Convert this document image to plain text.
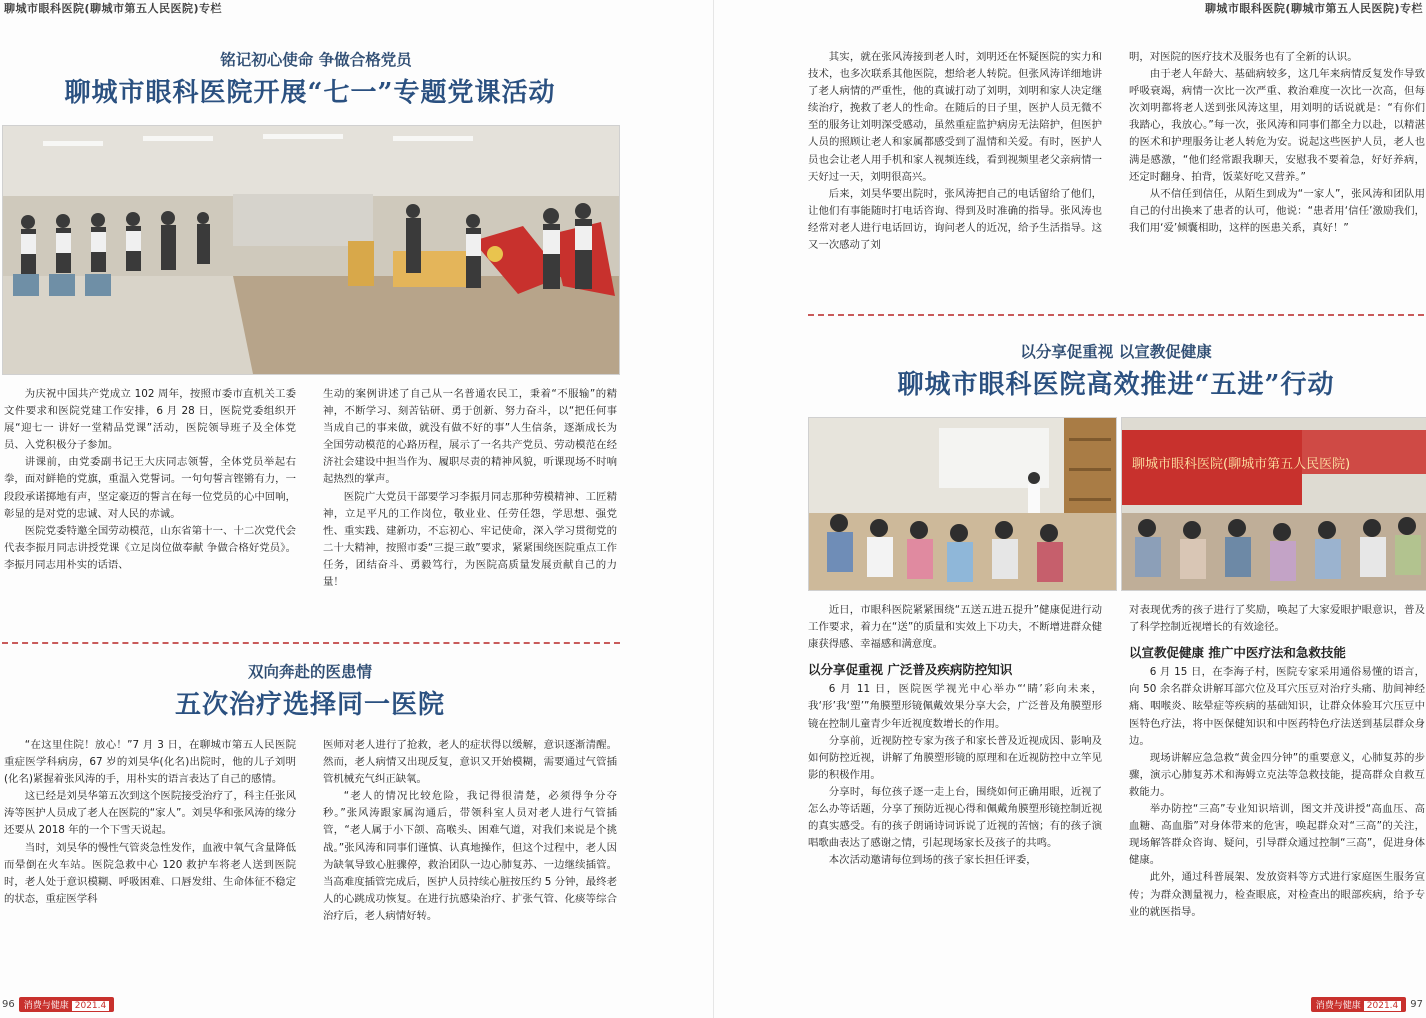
聊城市眼科医院(聊城市第五人民医院)专栏
铭记初心使命 争做合格党员
聊城市眼科医院开展“七一”专题党课活动

为庆祝中国共产党成立 102 周年，按照市委市直机关工委文件要求和医院党建工作安排，6 月 28 日，医院党委组织开展“迎七一 讲好一堂精品党课”活动，医院领导班子及全体党员、入党积极分子参加。

讲课前，由党委副书记王大庆同志领誓，全体党员举起右拳，面对鲜艳的党旗，重温入党誓词。一句句誓言铿锵有力，一段段承诺掷地有声，坚定豪迈的誓言在每一位党员的心中回响，彰显的是对党的忠诚、对人民的赤诚。

医院党委特邀全国劳动模范，山东省第十一、十二次党代会代表李振月同志讲授党课《立足岗位做奉献 争做合格好党员》。李振月同志用朴实的话语、

生动的案例讲述了自己从一名普通农民工，秉着“不服输”的精神，不断学习、刻苦钻研、勇于创新、努力奋斗，以“把任何事当成自己的事来做，就没有做不好的事”人生信条，逐渐成长为全国劳动模范的心路历程，展示了一名共产党员、劳动模范在经济社会建设中担当作为、履职尽责的精神风貌，听课现场不时响起热烈的掌声。

医院广大党员干部要学习李振月同志那种劳模精神、工匠精神，立足平凡的工作岗位，敬业业、任劳任怨，学思想、强党性、重实践、建新功，不忘初心、牢记使命，深入学习贯彻党的二十大精神，按照市委“三提三敢”要求，紧紧围绕医院重点工作任务，团结奋斗、勇毅笃行，为医院高质量发展贡献自己的力量！

双向奔赴的医患情
五次治疗选择同一医院

“在这里住院！放心！”7 月 3 日，在聊城市第五人民医院重症医学科病房，67 岁的刘昊华(化名)出院时，他的儿子刘明(化名)紧握着张风涛的手，用朴实的语言表达了自己的感情。

这已经是刘昊华第五次到这个医院接受治疗了，科主任张风涛等医护人员成了老人在医院的“家人”。刘昊华和张风涛的缘分还要从 2018 年的一个下雪天说起。

当时，刘昊华的慢性气管炎急性发作，血液中氧气含量降低而晕倒在火车站。医院急救中心 120 救护车将老人送到医院时，老人处于意识模糊、呼吸困难、口唇发绀、生命体征不稳定的状态，重症医学科

医师对老人进行了抢救，老人的症状得以缓解，意识逐渐清醒。然而，老人病情又出现反复，意识又开始模糊，需要通过气管插管机械充气纠正缺氧。

“老人的情况比较危险，我记得很清楚，必须得争分夺秒。”张风涛跟家属沟通后，带领科室人员对老人进行气管插管，“老人属于小下颌、高喉头、困难气道，对我们来说是个挑战。”张风涛和同事们谨慎、认真地操作，但这个过程中，老人因为缺氧导致心脏骤停，救治团队一边心肺复苏、一边继续插管。当高难度插管完成后，医护人员持续心脏按压约 5 分钟，最终老人的心跳成功恢复。在进行抗感染治疗、扩张气管、化痰等综合治疗后，老人病情好转。

96	消费与健康 2021.4
聊城市眼科医院(聊城市第五人民医院)专栏

其实，就在张风涛接到老人时，刘明还在怀疑医院的实力和技术，也多次联系其他医院，想给老人转院。但张风涛详细地讲了老人病情的严重性，他的真诚打动了刘明，刘明和家人决定继续治疗，挽救了老人的性命。在随后的日子里，医护人员无微不至的服务让刘明深受感动，虽然重症监护病房无法陪护，但医护人员的照顾让老人和家属都感受到了温情和关爱。有时，医护人员也会让老人用手机和家人视频连线，看到视频里老父亲病情一天好过一天，刘明很高兴。

后来，刘昊华要出院时，张风涛把自己的电话留给了他们，让他们有事能随时打电话咨询、得到及时准确的指导。张风涛也经常对老人进行电话回访，询问老人的近况，给予生活指导。这又一次感动了刘

明，对医院的医疗技术及服务也有了全新的认识。

由于老人年龄大、基础病较多，这几年来病情反复发作导致呼吸衰竭，病情一次比一次严重、救治难度一次比一次高，但每次刘明都将老人送到张风涛这里，用刘明的话说就是：“有你们我踏心，我放心。”每一次，张风涛和同事们都全力以赴，以精湛的医术和护理服务让老人转危为安。说起这些医护人员，老人也满是感激，“他们经常跟我聊天，安慰我不要着急，好好养病，还定时翻身、拍背，饭菜好吃又营养。”

从不信任到信任，从陌生到成为“一家人”，张风涛和团队用自己的付出换来了患者的认可，他说：“患者用‘信任’激励我们，我们用‘爱’倾囊相助，这样的医患关系，真好！”

以分享促重视 以宣教促健康
聊城市眼科医院高效推进“五进”行动
聊城市眼科医院(聊城市第五人民医院)

近日，市眼科医院紧紧围绕“五送五进五提升”健康促进行动工作要求，着力在“送”的质量和实效上下功夫，不断增进群众健康获得感、幸福感和满意度。

以分享促重视 广泛普及疾病防控知识

6 月 11 日，医院医学视光中心举办“‘睛’彩向未来，我‘形’我‘塑’”角膜塑形镜佩戴效果分享大会，广泛普及角膜塑形镜在控制儿童青少年近视度数增长的作用。

分享前，近视防控专家为孩子和家长普及近视成因、影响及如何防控近视，讲解了角膜塑形镜的原理和在近视防控中立竿见影的积极作用。

分享时，每位孩子逐一走上台，围绕如何正确用眼，近视了怎么办等话题，分享了预防近视心得和佩戴角膜塑形镜控制近视的真实感受。有的孩子朗诵诗词诉说了近视的苦恼；有的孩子演唱歌曲表达了感谢之情，引起现场家长及孩子的共鸣。

本次活动邀请每位到场的孩子家长担任评委，

对表现优秀的孩子进行了奖励，唤起了大家爱眼护眼意识，普及了科学控制近视增长的有效途径。

以宣教促健康 推广中医疗法和急救技能

6 月 15 日，在李海子村，医院专家采用通俗易懂的语言，向 50 余名群众讲解耳部穴位及耳穴压豆对治疗头痛、肋间神经痛、咽喉炎、眩晕症等疾病的基础知识，让群众体验耳穴压豆中医特色疗法，将中医保健知识和中医药特色疗法送到基层群众身边。

现场讲解应急急救“黄金四分钟”的重要意义，心肺复苏的步骤，演示心肺复苏术和海姆立克法等急救技能，提高群众自救互救能力。

举办防控“三高”专业知识培训，图文并茂讲授“高血压、高血糖、高血脂”对身体带来的危害，唤起群众对“三高”的关注，现场解答群众咨询、疑问，引导群众通过控制“三高”，促进身体健康。

此外，通过科普展架、发放资料等方式进行家庭医生服务宣传；为群众测量视力，检查眼底，对检查出的眼部疾病，给予专业的就医指导。

消费与健康 2021.4	97
